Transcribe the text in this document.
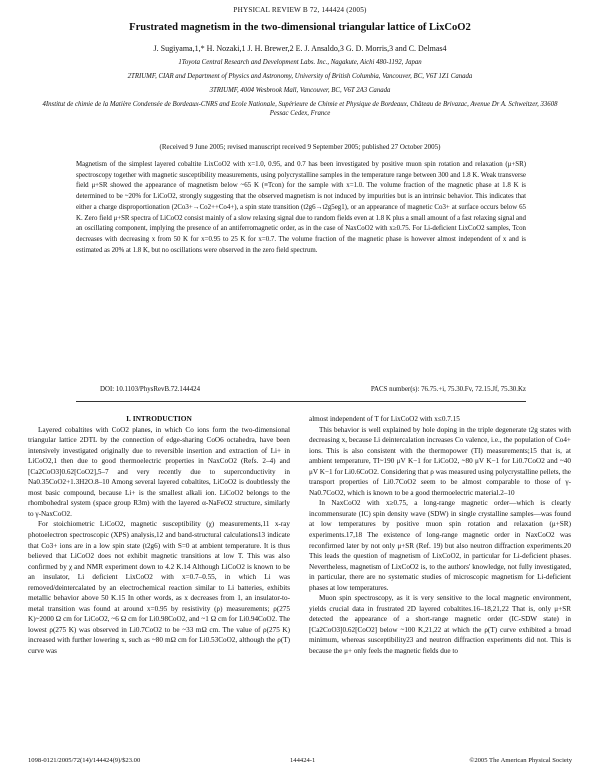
PHYSICAL REVIEW B 72, 144424 (2005)
Frustrated magnetism in the two-dimensional triangular lattice of LixCoO2
J. Sugiyama,1,* H. Nozaki,1 J. H. Brewer,2 E. J. Ansaldo,3 G. D. Morris,3 and C. Delmas4
1Toyota Central Research and Development Labs. Inc., Nagakute, Aichi 480-1192, Japan
2TRIUMF, CIAR and Department of Physics and Astronomy, University of British Columbia, Vancouver, BC, V6T 1Z1 Canada
3TRIUMF, 4004 Wesbrook Mall, Vancouver, BC, V6T 2A3 Canada
4Institut de chimie de la Matière Condensée de Bordeaux-CNRS and Ecole Nationale, Supérieure de Chimie et Physique de Bordeaux, Château de Brivazac, Avenue Dr A. Schweitzer, 33608 Pessac Cedex, France
(Received 9 June 2005; revised manuscript received 9 September 2005; published 27 October 2005)
Magnetism of the simplest layered cobaltite LixCoO2 with x=1.0, 0.95, and 0.7 has been investigated by positive muon spin rotation and relaxation (μ+SR) spectroscopy together with magnetic susceptibility measurements, using polycrystalline samples in the temperature range between 300 and 1.8 K. Weak transverse field μ+SR showed the appearance of magnetism below ~65 K (≡Tcon) for the sample with x=1.0. The volume fraction of the magnetic phase at 1.8 K is determined to be ~20% for LiCoO2, strongly suggesting that the observed magnetism is not induced by impurities but is an intrinsic behavior. This indicates that either a charge disproportionation (2Co3+→Co2++Co4+), a spin state transition (t2g6→t2g5eg1), or an appearance of magnetic Co3+ at surface occurs below 65 K. Zero field μ+SR spectra of LiCoO2 consist mainly of a slow relaxing signal due to random fields even at 1.8 K plus a small amount of a fast relaxing signal and an oscillating component, implying the presence of an antiferromagnetic order, as in the case of NaxCoO2 with x≥0.75. For Li-deficient LixCoO2 samples, Tcon decreases with decreasing x from 50 K for x=0.95 to 25 K for x=0.7. The volume fraction of the magnetic phase is however almost independent of x and is estimated as 20% at 1.8 K, but no oscillations were observed in the zero field spectrum.
DOI: 10.1103/PhysRevB.72.144424	PACS number(s): 76.75.+i, 75.30.Fv, 72.15.Jf, 75.30.Kz

I. INTRODUCTION

Layered cobaltites with CoO2 planes, in which Co ions form the two-dimensional triangular lattice 2DTL by the connection of edge-sharing CoO6 octahedra, have been intensively investigated originally due to reversible insertion and extraction of Li+ in LiCoO2,1 then due to good thermoelectric properties in NaxCoO2 (Refs. 2–4) and [Ca2CoO3]0.62[CoO2],5–7 and very recently due to superconductivity in Na0.35CoO2+1.3H2O.8–10 Among several layered cobaltites, LiCoO2 is doubtlessly the most basic compound, because Li+ is the smallest alkali ion. LiCoO2 belongs to the rhombohedral system (space group R3m) with the layered α-NaFeO2 structure, similarly to γ-NaxCoO2.

For stoichiometric LiCoO2, magnetic susceptibility (χ) measurements,11 x-ray photoelectron spectroscopic (XPS) analysis,12 and band-structural calculations13 indicate that Co3+ ions are in a low spin state (t2g6) with S=0 at ambient temperature. It is thus believed that LiCoO2 does not exhibit magnetic transitions at low T. This was also confirmed by χ and NMR experiment down to 4.2 K.14 Although LiCoO2 is known to be an insulator, Li deficient LixCoO2 with x=0.7–0.55, in which Li was removed/deintercalated by an electrochemical reaction similar to Li batteries, exhibits metallic behavior above 50 K.15 In other words, as x decreases from 1, an insulator-to-metal transition was found at around x=0.95 by resistivity (ρ) measurements; ρ(275 K)~2000 Ω cm for LiCoO2, ~6 Ω cm for Li0.98CoO2, and ~1 Ω cm for Li0.94CoO2. The lowest ρ(275 K) was observed in Li0.7CoO2 to be ~33 mΩ cm. The value of ρ(275 K) increased with further lowering x, such as ~80 mΩ cm for Li0.53CoO2, although the ρ(T) curve was

almost independent of T for LixCoO2 with x≤0.7.15

This behavior is well explained by hole doping in the triple degenerate t2g states with decreasing x, because Li deintercalation increases Co valence, i.e., the population of Co4+ ions. This is also consistent with the thermopower (TI) measurements;15 that is, at ambient temperature, TI~190 μV K−1 for LiCoO2, ~80 μV K−1 for Li0.7CoO2 and ~40 μV K−1 for Li0.6CoO2. Considering that ρ was measured using polycrystalline pellets, the transport properties of Li0.7CoO2 seem to be almost comparable to those of γ-Na0.7CoO2, which is known to be a good thermoelectric material.2–10

In NaxCoO2 with x≥0.75, a long-range magnetic order—which is clearly incommensurate (IC) spin density wave (SDW) in single crystalline samples—was found at low temperatures by positive muon spin rotation and relaxation (μ+SR) experiments.17,18 The existence of long-range magnetic order in NaxCoO2 was reconfirmed later by not only μ+SR (Ref. 19) but also neutron diffraction experiments.20 This leads the question of magnetism of LixCoO2, in particular for Li-deficient phases. Nevertheless, magnetism of LixCoO2 is, to the authors' knowledge, not fully investigated, in particular, there are no systematic studies of microscopic magnetism for Li-deficient phases at low temperatures.

Muon spin spectroscopy, as it is very sensitive to the local magnetic environment, yields crucial data in frustrated 2D layered cobaltites.16–18,21,22 That is, only μ+SR detected the appearance of a short-range magnetic order (IC-SDW state) in [Ca2CoO3]0.62[CoO2] below ~100 K,21,22 at which the ρ(T) curve exhibited a broad minimum, whereas susceptibility23 and neutron diffraction experiments did not. This is because the μ+ only feels the magnetic fields due to

1098-0121/2005/72(14)/144424(9)/$23.00	144424-1	©2005 The American Physical Society
